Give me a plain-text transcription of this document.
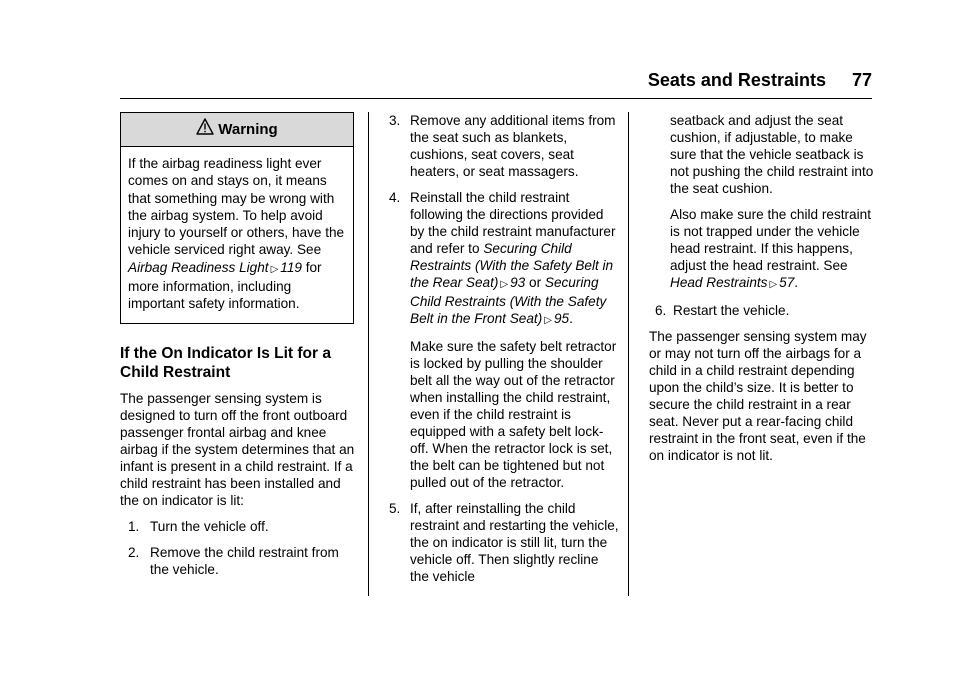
Seats and Restraints 77
Warning

If the airbag readiness light ever comes on and stays on, it means that something may be wrong with the airbag system. To help avoid injury to yourself or others, have the vehicle serviced right away. See Airbag Readiness Light ▷ 119 for more information, including important safety information.

If the On Indicator Is Lit for a Child Restraint

The passenger sensing system is designed to turn off the front outboard passenger frontal airbag and knee airbag if the system determines that an infant is present in a child restraint. If a child restraint has been installed and the on indicator is lit:

1. Turn the vehicle off.
2. Remove the child restraint from the vehicle.
3. Remove any additional items from the seat such as blankets, cushions, seat covers, seat heaters, or seat massagers.
4. Reinstall the child restraint following the directions provided by the child restraint manufacturer and refer to Securing Child Restraints (With the Safety Belt in the Rear Seat) ▷ 93 or Securing Child Restraints (With the Safety Belt in the Front Seat) ▷ 95.

Make sure the safety belt retractor is locked by pulling the shoulder belt all the way out of the retractor when installing the child restraint, even if the child restraint is equipped with a safety belt lock-off. When the retractor lock is set, the belt can be tightened but not pulled out of the retractor.

5. If, after reinstalling the child restraint and restarting the vehicle, the on indicator is still lit, turn the vehicle off. Then slightly recline the vehicle

seatback and adjust the seat cushion, if adjustable, to make sure that the vehicle seatback is not pushing the child restraint into the seat cushion.

Also make sure the child restraint is not trapped under the vehicle head restraint. If this happens, adjust the head restraint. See Head Restraints ▷ 57.

6. Restart the vehicle.

The passenger sensing system may or may not turn off the airbags for a child in a child restraint depending upon the child’s size. It is better to secure the child restraint in a rear seat. Never put a rear-facing child restraint in the front seat, even if the on indicator is not lit.
